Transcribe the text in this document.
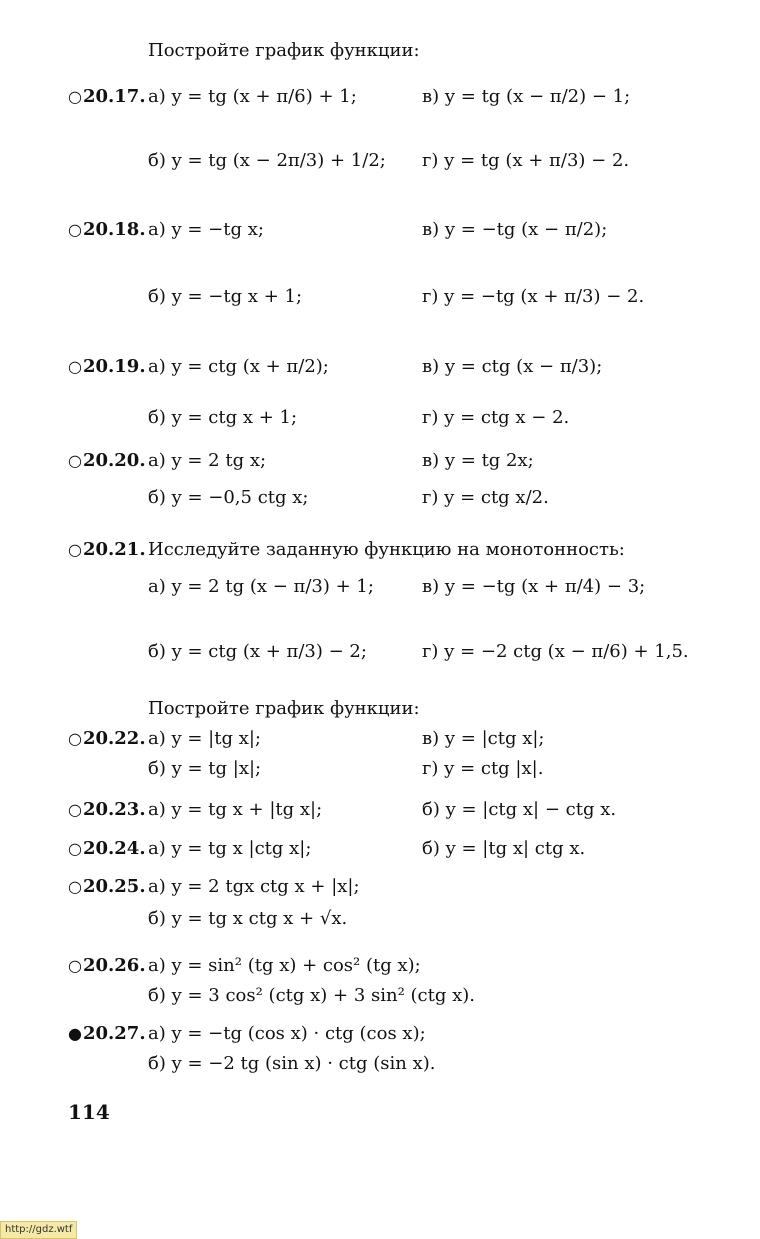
Постройте график функции:
○20.17. а) y = tg (x + π/6) + 1;	в) y = tg (x − π/2) − 1;
б) y = tg (x − 2π/3) + 1/2; г) y = tg (x + π/3) − 2.
○20.18. а) y = −tg x;	в) y = −tg (x − π/2);
б) y = −tg x + 1;	г) y = −tg (x + π/3) − 2.
○20.19. а) y = ctg (x + π/2);	в) y = ctg (x − π/3);
б) y = ctg x + 1;	г) y = ctg x − 2.
○20.20. а) y = 2 tg x;	в) y = tg 2x;
б) y = −0,5 ctg x;	г) y = ctg x/2.
○20.21. Исследуйте заданную функцию на монотонность:
а) y = 2 tg (x − π/3) + 1;	в) y = −tg (x + π/4) − 3;
б) y = ctg (x + π/3) − 2;	г) y = −2 ctg (x − π/6) + 1,5.
Постройте график функции:
○20.22. а) y = |tg x|;	в) y = |ctg x|;
б) y = tg |x|;	г) y = ctg |x|.
○20.23. а) y = tg x + |tg x|;	б) y = |ctg x| − ctg x.
○20.24. а) y = tg x |ctg x|;	б) y = |tg x| ctg x.
○20.25. а) y = 2 tgx ctg x + |x|;
б) y = tg x ctg x + √x.
○20.26. а) y = sin² (tg x) + cos² (tg x);
б) y = 3 cos² (ctg x) + 3 sin² (ctg x).
●20.27. а) y = −tg (cos x) · ctg (cos x);
б) y = −2 tg (sin x) · ctg (sin x).
114
http://gdz.wtf
